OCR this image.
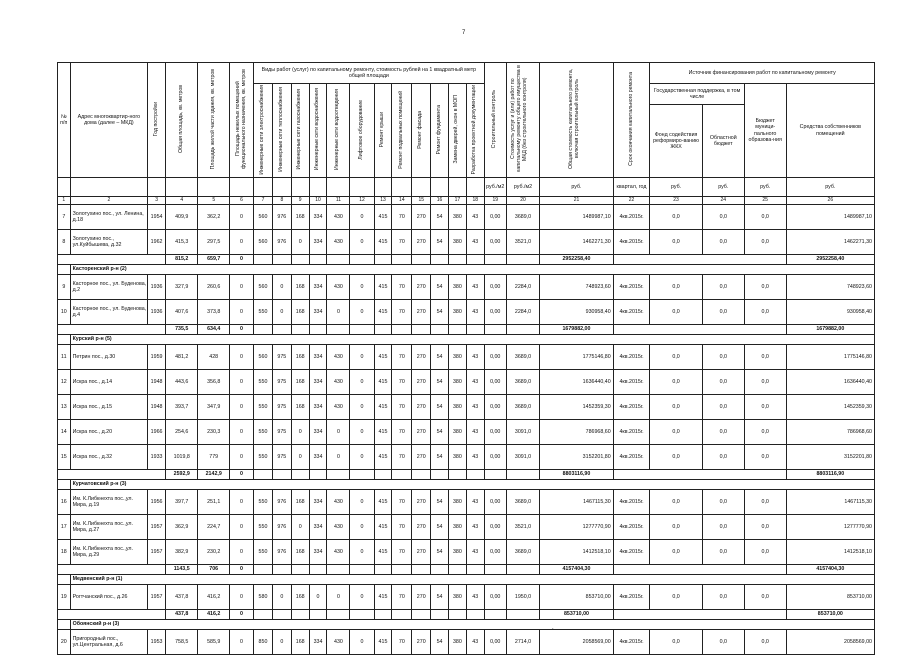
7
№ п/п	Адрес многоквартир-ного дома (далее – МКД)	Год постройки	Общая площадь, кв. метров	Площадь жилой части здания, кв. метров	Площадь нежилых помещений функционального назначения, кв. метров	Виды работ (услуг) по капитальному ремонту, стоимость рублей на 1 квадратный метр общей площади												Строительный контроль	Стоимость услуг и (или) работ по капитальному ремонту общего имущества в МКД (без строительного контроля)	Общая стоимость капитального ремонта, включая строительный контроль	Срок окончания капитального ремонта	Источник финансирования работ по капитальному ремонту			
						Инженерные сети электроснабжения	Инженерные сети теплоснабжения	Инженерные сети газоснабжения	Инженерные сети водоснабжения	Инженерные сети водоотведения	Лифтовое оборудование	Ремонт крыши	Ремонт подвальных помещений	Ремонт фасада	Ремонт фундамента	Замена дверей, окон в МОП	Разработка проектной документации					Государственная поддержка, в том числе		Бюджет муници-пального образова-ния	Средства собственников помещений
																						Фонд содействия реформиро-ванию ЖКХ	Областной бюджет		
																		руб./м2	руб./м2	руб.	квартал, год	руб.	руб.	руб.	руб.
1	2	3	4	5	6	7	8	9	10	11	12	13	14	15	16	17	18	19	20	21	22	23	24	25	26
7	Золотухино пос., ул. Ленина, д.18	1954	409,9	362,2	0	560	976	168	334	430	0	415	70	270	54	380	43	0,00	3689,0	1489987,10	4кв.2015г.	0,0	0,0	0,0	1489987,10
8	Золотухино пос., ул.Куйбышева, д.32	1962	415,3	297,5	0	560	976	0	334	430	0	415	70	270	54	380	43	0,00	3521,0	1462271,30	4кв.2015г.	0,0	0,0	0,0	1462271,30
			815,2	659,7	0															2952258,40					2952258,40
	Касторенский р-н (2)																								
9	Касторное пос., ул. Буденова, д.2	1936	327,9	260,6	0	560	0	168	334	430	0	415	70	270	54	380	43	0,00	2284,0	748923,60	4кв.2015г.	0,0	0,0	0,0	748923,60
10	Касторное пос., ул. Буденова, д.4	1936	407,6	373,8	0	550	0	168	334	0	0	415	70	270	54	380	43	0,00	2284,0	930958,40	4кв.2015г.	0,0	0,0	0,0	930958,40
			735,5	634,4	0															1679882,00					1679882,00
	Курский р-н (5)																								
11	Петрин пос., д.30	1959	481,2	428	0	560	975	168	334	430	0	415	70	270	54	380	43	0,00	3689,0	1775146,80	4кв.2015г.	0,0	0,0	0,0	1775146,80
12	Искра пос., д.14	1948	443,6	356,8	0	550	975	168	334	430	0	415	70	270	54	380	43	0,00	3689,0	1636440,40	4кв.2015г.	0,0	0,0	0,0	1636440,40
13	Искра пос., д.15	1948	393,7	347,9	0	550	975	168	334	430	0	415	70	270	54	380	43	0,00	3689,0	1452359,30	4кв.2015г.	0,0	0,0	0,0	1452359,30
14	Искра пос., д.20	1966	254,6	230,3	0	550	975	0	334	0	0	415	70	270	54	380	43	0,00	3091,0	786968,60	4кв.2015г.	0,0	0,0	0,0	786968,60
15	Искра пос., д.32	1933	1019,8	779	0	550	975	0	334	0	0	415	70	270	54	380	43	0,00	3091,0	3152201,80	4кв.2015г.	0,0	0,0	0,0	3152201,80
			2592,9	2142,9	0															8803116,90					8803116,90
	Курчатовский р-н (3)																								
16	Им. К.Либкнехта пос.,ул. Мира, д.19	1956	397,7	251,1	0	550	976	168	334	430	0	415	70	270	54	380	43	0,00	3689,0	1467115,30	4кв.2015г.	0,0	0,0	0,0	1467115,30
17	Им. К.Либкнехта пос.,ул. Мира, д.27	1957	362,9	224,7	0	550	976	0	334	430	0	415	70	270	54	380	43	0,00	3521,0	1277770,90	4кв.2015г.	0,0	0,0	0,0	1277770,90
18	Им. К.Либкнехта пос.,ул. Мира, д.29	1957	382,9	230,2	0	550	976	168	334	430	0	415	70	270	54	380	43	0,00	3689,0	1412518,10	4кв.2015г.	0,0	0,0	0,0	1412518,10
			1143,5	706	0															4157404,30					4157404,30
	Медвенский р-н (1)																								
19	Рогтчанский пос., д.26	1957	437,8	416,2	0	580	0	168	0	0	0	415	70	270	54	380	43	0,00	1950,0	853710,00	4кв.2015г.	0,0	0,0	0,0	853710,00
			437,8	416,2	0															853710,00					853710,00
	Обоянский р-н (3)																								
20	Пригородный пос., ул.Центральная, д.6	1953	758,5	585,9	0	850	0	168	334	430	0	415	70	270	54	380	43	0,00	2714,0	2058569,00	4кв.2015г.	0,0	0,0	0,0	2058569,00
.
